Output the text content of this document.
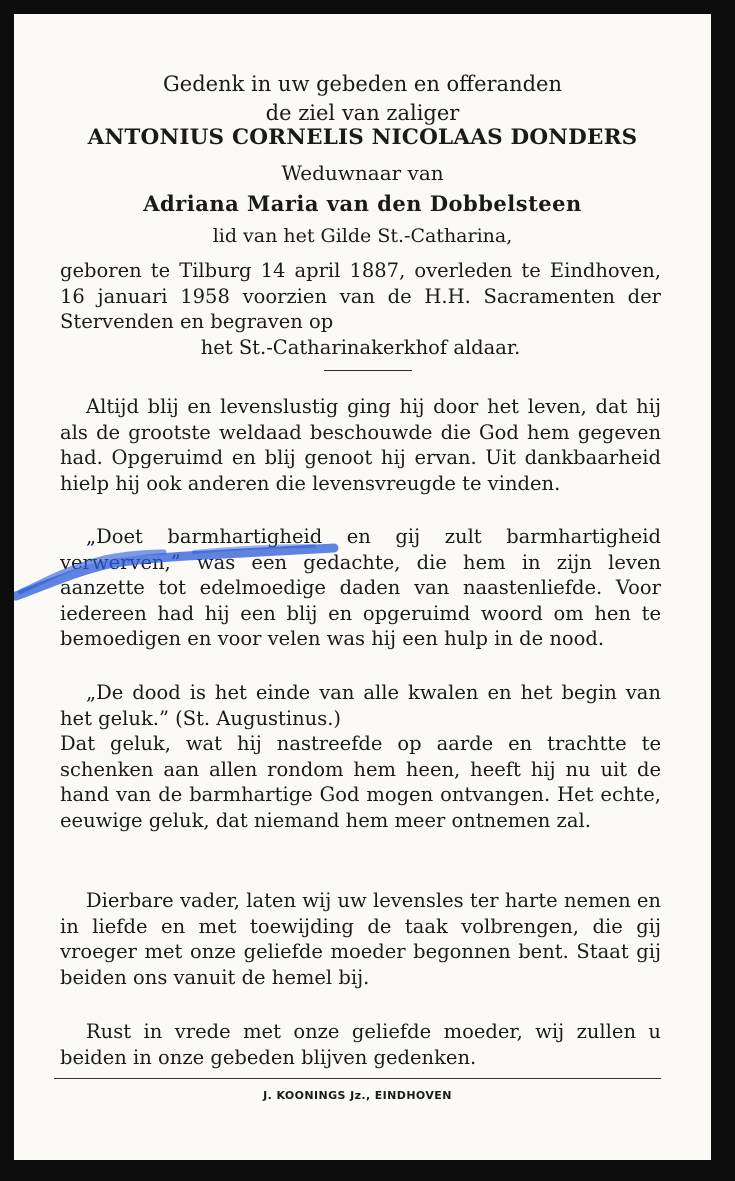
Gedenk in uw gebeden en offeranden
de ziel van zaliger
ANTONIUS CORNELIS NICOLAAS DONDERS
Weduwnaar van
Adriana Maria van den Dobbelsteen
lid van het Gilde St.-Catharina,
geboren te Tilburg 14 april 1887, overleden te Eindhoven, 16 januari 1958 voorzien van de H.H. Sacramenten der Stervenden en begraven op
het St.-Catharinakerkhof aldaar.
Altijd blij en levenslustig ging hij door het leven, dat hij als de grootste weldaad beschouwde die God hem gegeven had. Opgeruimd en blij genoot hij ervan. Uit dankbaarheid hielp hij ook anderen die levensvreugde te vinden.
„Doet barmhartigheid en gij zult barmhartigheid verwerven,” was een gedachte, die hem in zijn leven aanzette tot edelmoedige daden van naastenliefde. Voor iedereen had hij een blij en opgeruimd woord om hen te bemoedigen en voor velen was hij een hulp in de nood.
„De dood is het einde van alle kwalen en het begin van het geluk.” (St. Augustinus.)
Dat geluk, wat hij nastreefde op aarde en trachtte te schenken aan allen rondom hem heen, heeft hij nu uit de hand van de barmhartige God mogen ontvangen. Het echte, eeuwige geluk, dat niemand hem meer ontnemen zal.
Dierbare vader, laten wij uw levensles ter harte nemen en in liefde en met toewijding de taak volbrengen, die gij vroeger met onze geliefde moeder begonnen bent. Staat gij beiden ons vanuit de hemel bij.
Rust in vrede met onze geliefde moeder, wij zullen u beiden in onze gebeden blijven gedenken.
J. KOONINGS Jz., EINDHOVEN
